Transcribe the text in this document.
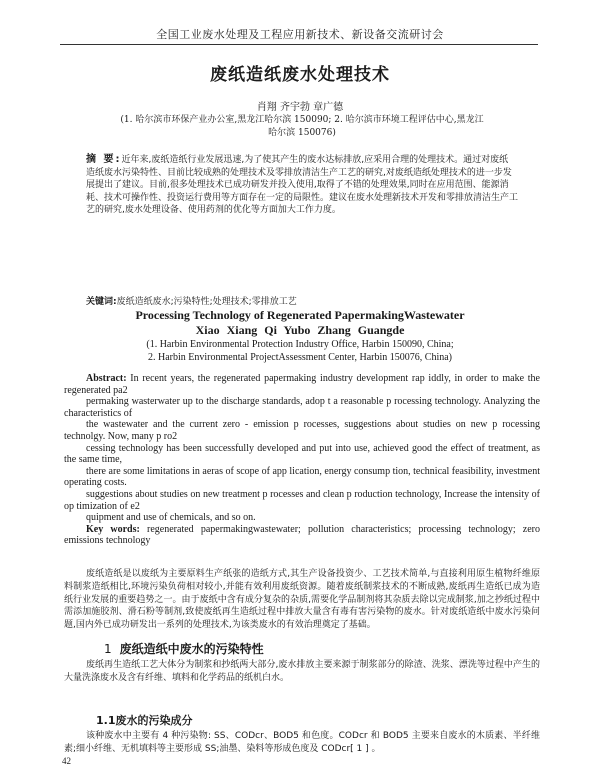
全国工业废水处理及工程应用新技术、新设备交流研讨会
废纸造纸废水处理技术
肖翔 齐宇勃 章广德
(1. 哈尔滨市环保产业办公室,黑龙江哈尔滨 150090; 2. 哈尔滨市环境工程评估中心,黑龙江
哈尔滨 150076)

摘 要:近年来,废纸造纸行业发展迅速,为了使其产生的废水达标排放,应采用合理的处理技术。通过对废纸

造纸废水污染特性、目前比较成熟的处理技术及零排放清洁生产工艺的研究,对废纸造纸处理技术的进一步发

展提出了建议。目前,很多处理技术已成功研发并投入使用,取得了不错的处理效果,同时在应用范围、能源消

耗、技术可操作性、投资运行费用等方面存在一定的局限性。建议在废水处理新技术开发和零排放清洁生产工

艺的研究,废水处理设备、使用药剂的优化等方面加大工作力度。

关键词:废纸造纸废水;污染特性;处理技术;零排放工艺
Processing Technology of Regenerated PapermakingWastewater
Xiao Xiang Qi Yubo Zhang Guangde
(1. Harbin Environmental Protection Industry Office, Harbin 150090, China;
2. Harbin Environmental ProjectAssessment Center, Harbin 150076, China)

Abstract: In recent years, the regenerated papermaking industry development rap iddly, in order to make the regenerated pa2

permaking wasterwater up to the discharge standards, adop t a reasonable p rocessing technology. Analyzing the characteristics of

the wastewater and the current zero - emission p rocesses, suggestions about studies on new p rocessing technolgy. Now, many p ro2

cessing technology has been successfully developed and put into use, achieved good the effect of treatment, as the same time,

there are some limitations in aeras of scope of app lication, energy consump tion, technical feasibility, investment operating costs.

suggestions about studies on new treatment p rocesses and clean p roduction technology, Increase the intensity of op timization of e2

quipment and use of chemicals, and so on.

Key words: regenerated papermakingwastewater; pollution characteristics; processing technology; zero emissions technology

废纸造纸是以废纸为主要原料生产纸张的造纸方式,其生产设备投资少、工艺技术简单,与直接利用原生植物纤维原料制浆造纸相比,环境污染负荷相对较小,并能有效利用废纸资源。随着废纸制浆技术的不断成熟,废纸再生造纸已成为造纸行业发展的重要趋势之一。由于废纸中含有成分复杂的杂质,需要化学品制剂将其杂质去除以完成制浆,加之抄纸过程中需添加施胶剂、滑石粉等制剂,致使废纸再生造纸过程中排放大量含有毒有害污染物的废水。针对废纸造纸中废水污染问题,国内外已成功研发出一系列的处理技术,为该类废水的有效治理奠定了基础。

1 废纸造纸中废水的污染特性

废纸再生造纸工艺大体分为制浆和抄纸两大部分,废水排放主要来源于制浆部分的除渣、洗浆、漂洗等过程中产生的大量洗涤废水及含有纤维、填料和化学药品的纸机白水。

1.1废水的污染成分

该种废水中主要有 4 种污染物: SS、CODcr、BOD5 和色度。CODcr 和 BOD5 主要来自废水的木质素、半纤维素;细小纤维、无机填料等主要形成 SS;油墨、染料等形成色度及 CODcr[ 1 ] 。

42
